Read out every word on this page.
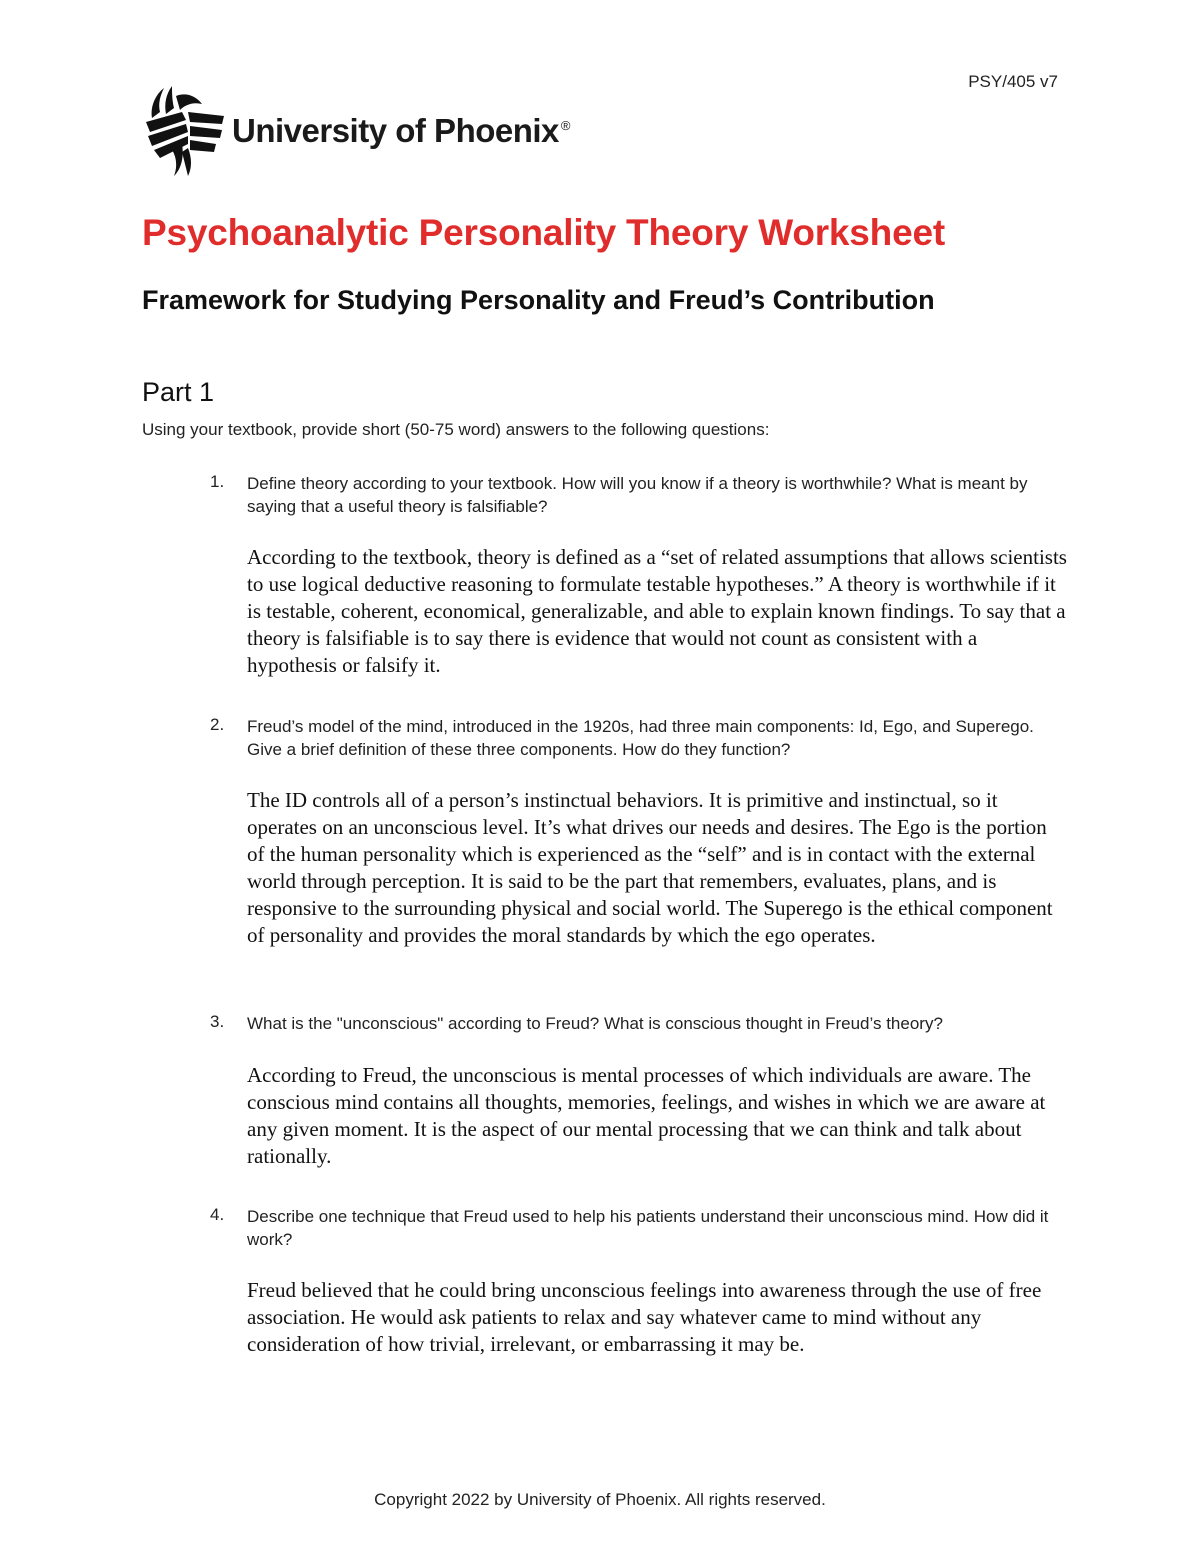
PSY/405 v7
University of Phoenix ®
Psychoanalytic Personality Theory Worksheet
Framework for Studying Personality and Freud’s Contribution
Part 1

Using your textbook, provide short (50-75 word) answers to the following questions:

1. Define theory according to your textbook. How will you know if a theory is worthwhile? What is meant by saying that a useful theory is falsifiable?

According to the textbook, theory is defined as a “set of related assumptions that allows scientists to use logical deductive reasoning to formulate testable hypotheses.” A theory is worthwhile if it is testable, coherent, economical, generalizable, and able to explain known findings. To say that a theory is falsifiable is to say there is evidence that would not count as consistent with a hypothesis or falsify it.

2. Freud’s model of the mind, introduced in the 1920s, had three main components: Id, Ego, and Superego. Give a brief definition of these three components. How do they function?

The ID controls all of a person’s instinctual behaviors. It is primitive and instinctual, so it operates on an unconscious level. It’s what drives our needs and desires. The Ego is the portion of the human personality which is experienced as the “self” and is in contact with the external world through perception. It is said to be the part that remembers, evaluates, plans, and is responsive to the surrounding physical and social world. The Superego is the ethical component of personality and provides the moral standards by which the ego operates.

3. What is the "unconscious" according to Freud? What is conscious thought in Freud’s theory?

According to Freud, the unconscious is mental processes of which individuals are aware. The conscious mind contains all thoughts, memories, feelings, and wishes in which we are aware at any given moment. It is the aspect of our mental processing that we can think and talk about rationally.

4. Describe one technique that Freud used to help his patients understand their unconscious mind. How did it work?

Freud believed that he could bring unconscious feelings into awareness through the use of free association. He would ask patients to relax and say whatever came to mind without any consideration of how trivial, irrelevant, or embarrassing it may be.

Copyright 2022 by University of Phoenix. All rights reserved.
